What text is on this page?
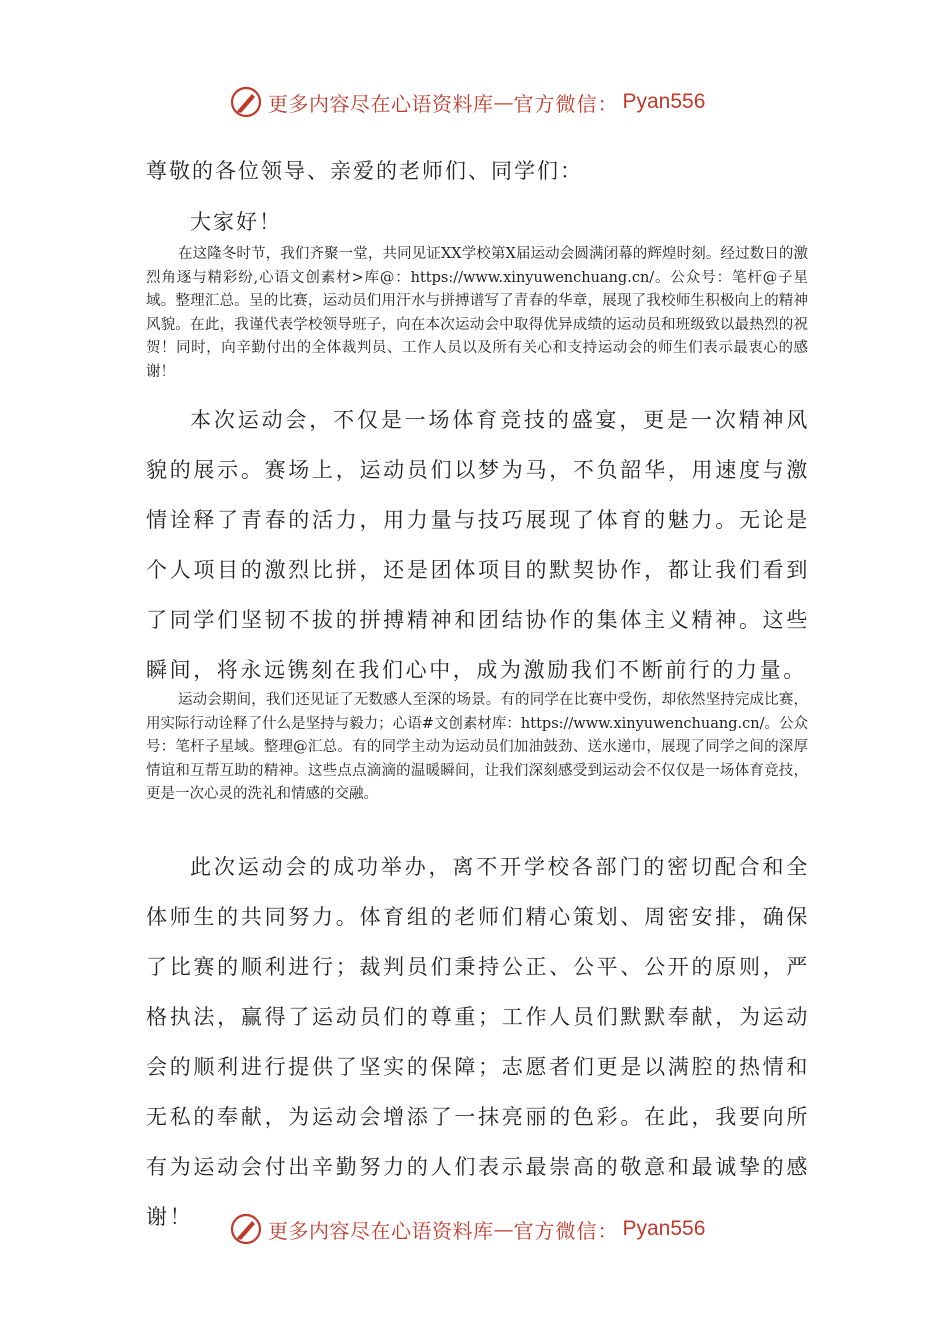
更多内容尽在心语资料库 — 官方微信： Pyan556
尊敬的各位领导、亲爱的老师们、同学们：
大家好！

在这隆冬时节，我们齐聚一堂，共同见证XX学校第X届运动会圆满闭幕的辉煌时刻。经过数日的激烈角逐与精彩纷,心语文创素材>库@：https://www.xinyuwenchuang.cn/。公众号：笔杆@子星域。整理汇总。呈的比赛，运动员们用汗水与拼搏谱写了青春的华章，展现了我校师生积极向上的精神风貌。在此，我谨代表学校领导班子，向在本次运动会中取得优异成绩的运动员和班级致以最热烈的祝贺！同时，向辛勤付出的全体裁判员、工作人员以及所有关心和支持运动会的师生们表示最衷心的感谢！

本次运动会，不仅是一场体育竞技的盛宴，更是一次精神风貌的展示。赛场上，运动员们以梦为马，不负韶华，用速度与激情诠释了青春的活力，用力量与技巧展现了体育的魅力。无论是个人项目的激烈比拼，还是团体项目的默契协作，都让我们看到了同学们坚韧不拔的拼搏精神和团结协作的集体主义精神。这些瞬间，将永远镌刻在我们心中，成为激励我们不断前行的力量。

运动会期间，我们还见证了无数感人至深的场景。有的同学在比赛中受伤，却依然坚持完成比赛，用实际行动诠释了什么是坚持与毅力；心语#文创素材库：https://www.xinyuwenchuang.cn/。公众号：笔杆子星域。整理@汇总。有的同学主动为运动员们加油鼓劲、送水递巾，展现了同学之间的深厚情谊和互帮互助的精神。这些点点滴滴的温暖瞬间，让我们深刻感受到运动会不仅仅是一场体育竞技，更是一次心灵的洗礼和情感的交融。

此次运动会的成功举办，离不开学校各部门的密切配合和全体师生的共同努力。体育组的老师们精心策划、周密安排，确保了比赛的顺利进行；裁判员们秉持公正、公平、公开的原则，严格执法，赢得了运动员们的尊重；工作人员们默默奉献，为运动会的顺利进行提供了坚实的保障；志愿者们更是以满腔的热情和无私的奉献，为运动会增添了一抹亮丽的色彩。在此，我要向所有为运动会付出辛勤努力的人们表示最崇高的敬意和最诚挚的感谢！

更多内容尽在心语资料库 — 官方微信： Pyan556
